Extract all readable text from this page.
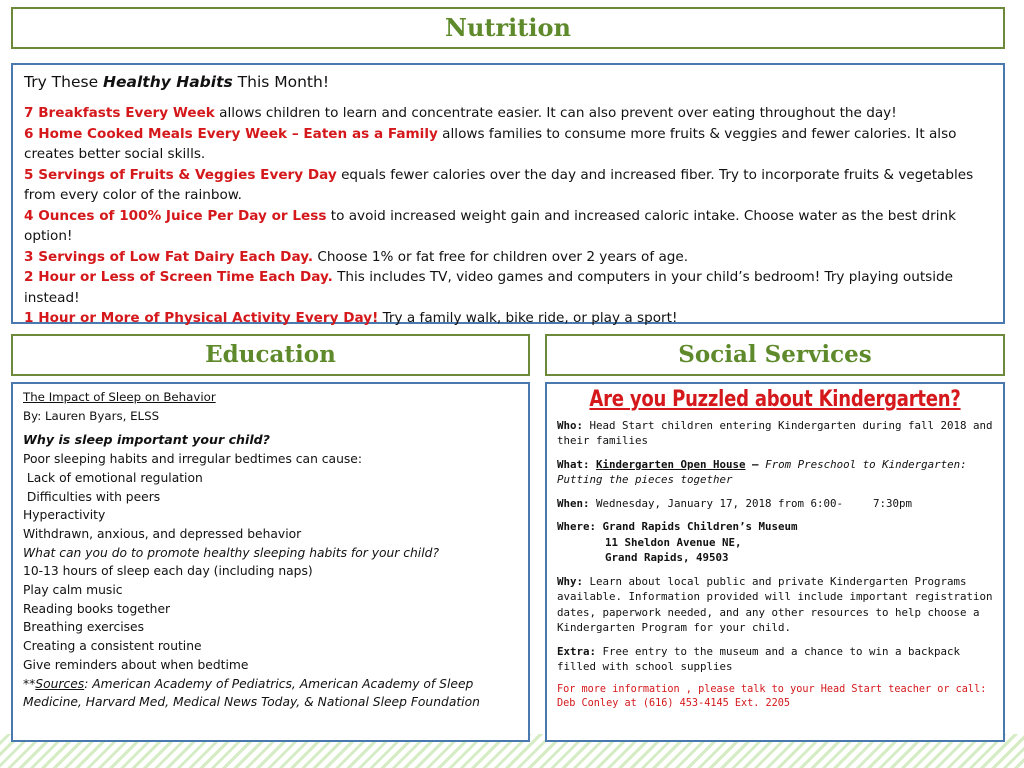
Nutrition

Try These Healthy Habits This Month!

7 Breakfasts Every Week allows children to learn and concentrate easier. It can also prevent over eating throughout the day!

6 Home Cooked Meals Every Week – Eaten as a Family allows families to consume more fruits & veggies and fewer calories. It also creates better social skills.

5 Servings of Fruits & Veggies Every Day equals fewer calories over the day and increased fiber. Try to incorporate fruits & vegetables from every color of the rainbow.

4 Ounces of 100% Juice Per Day or Less to avoid increased weight gain and increased caloric intake. Choose water as the best drink option!

3 Servings of Low Fat Dairy Each Day. Choose 1% or fat free for children over 2 years of age.

2 Hour or Less of Screen Time Each Day. This includes TV, video games and computers in your child’s bedroom! Try playing outside instead!

1 Hour or More of Physical Activity Every Day! Try a family walk, bike ride, or play a sport!

Education	Social Services
The Impact of Sleep on Behavior
By: Lauren Byars, ELSS
Why is sleep important your child?
Poor sleeping habits and irregular bedtimes can cause:
Lack of emotional regulation
Difficulties with peers
Hyperactivity
Withdrawn, anxious, and depressed behavior
What can you do to promote healthy sleeping habits for your child?
10-13 hours of sleep each day (including naps)
Play calm music
Reading books together
Breathing exercises
Creating a consistent routine
Give reminders about when bedtime
**Sources: American Academy of Pediatrics, American Academy of Sleep
Medicine, Harvard Med, Medical News Today, & National Sleep Foundation
Are you Puzzled about Kindergarten?
Who: Head Start children entering Kindergarten during fall 2018 and their families
What: Kindergarten Open House – From Preschool to Kindergarten: Putting the pieces together
When: Wednesday, January 17, 2018 from 6:00-	7:30pm
Where: Grand Rapids Children’s Museum
11 Sheldon Avenue NE,
Grand Rapids, 49503
Why: Learn about local public and private Kindergarten Programs available. Information provided will include important registration dates, paperwork needed, and any other resources to help choose a Kindergarten Program for your child.
Extra: Free entry to the museum and a chance to win a backpack filled with school supplies
For more information , please talk to your Head Start teacher or call:
Deb Conley at (616) 453-4145 Ext. 2205
